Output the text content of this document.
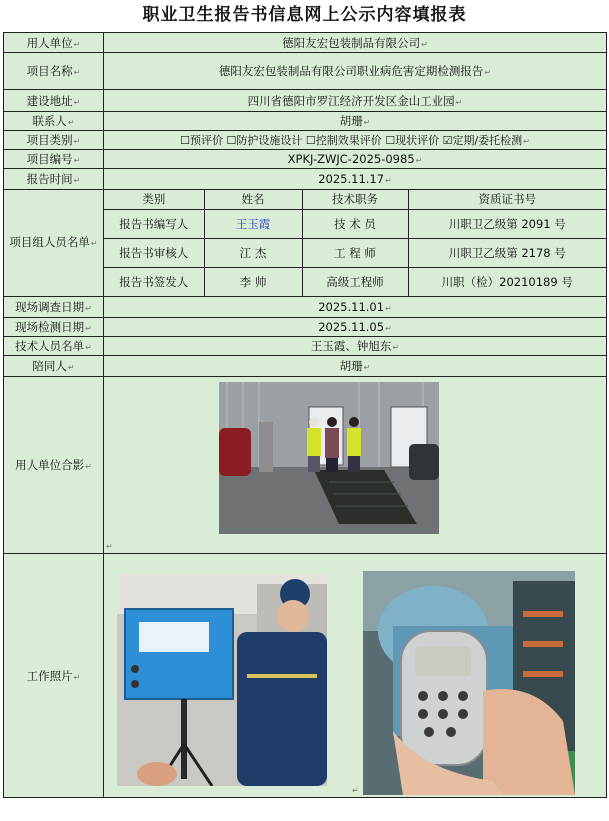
职业卫生报告书信息网上公示内容填报表
用人单位↵	德阳友宏包装制品有限公司↵
项目名称↵	德阳友宏包装制品有限公司职业病危害定期检测报告↵
建设地址↵	四川省德阳市罗江经济开发区金山工业园↵
联系人↵	胡珊↵
项目类别↵	☐预评价 ☐防护设施设计 ☐控制效果评价 ☐现状评价 ☑定期/委托检测↵
项目编号↵	XPKJ-ZWJC-2025-0985↵
报告时间↵	2025.11.17↵
项目组人员名单↵	
类别	姓名	技术职务	资质证书号
报告书编写人	王玉霞	技 术 员	川职卫乙级第 2091 号
报告书审核人	江 杰	工 程 师	川职卫乙级第 2178 号
报告书签发人	李 帅	高级工程师	川职（检）20210189 号

现场调查日期↵	2025.11.01↵
现场检测日期↵	2025.11.05↵
技术人员名单↵	王玉霞、钟旭东↵
陪同人↵	胡珊↵
用人单位合影↵	
↵

工作照片↵	
↵
